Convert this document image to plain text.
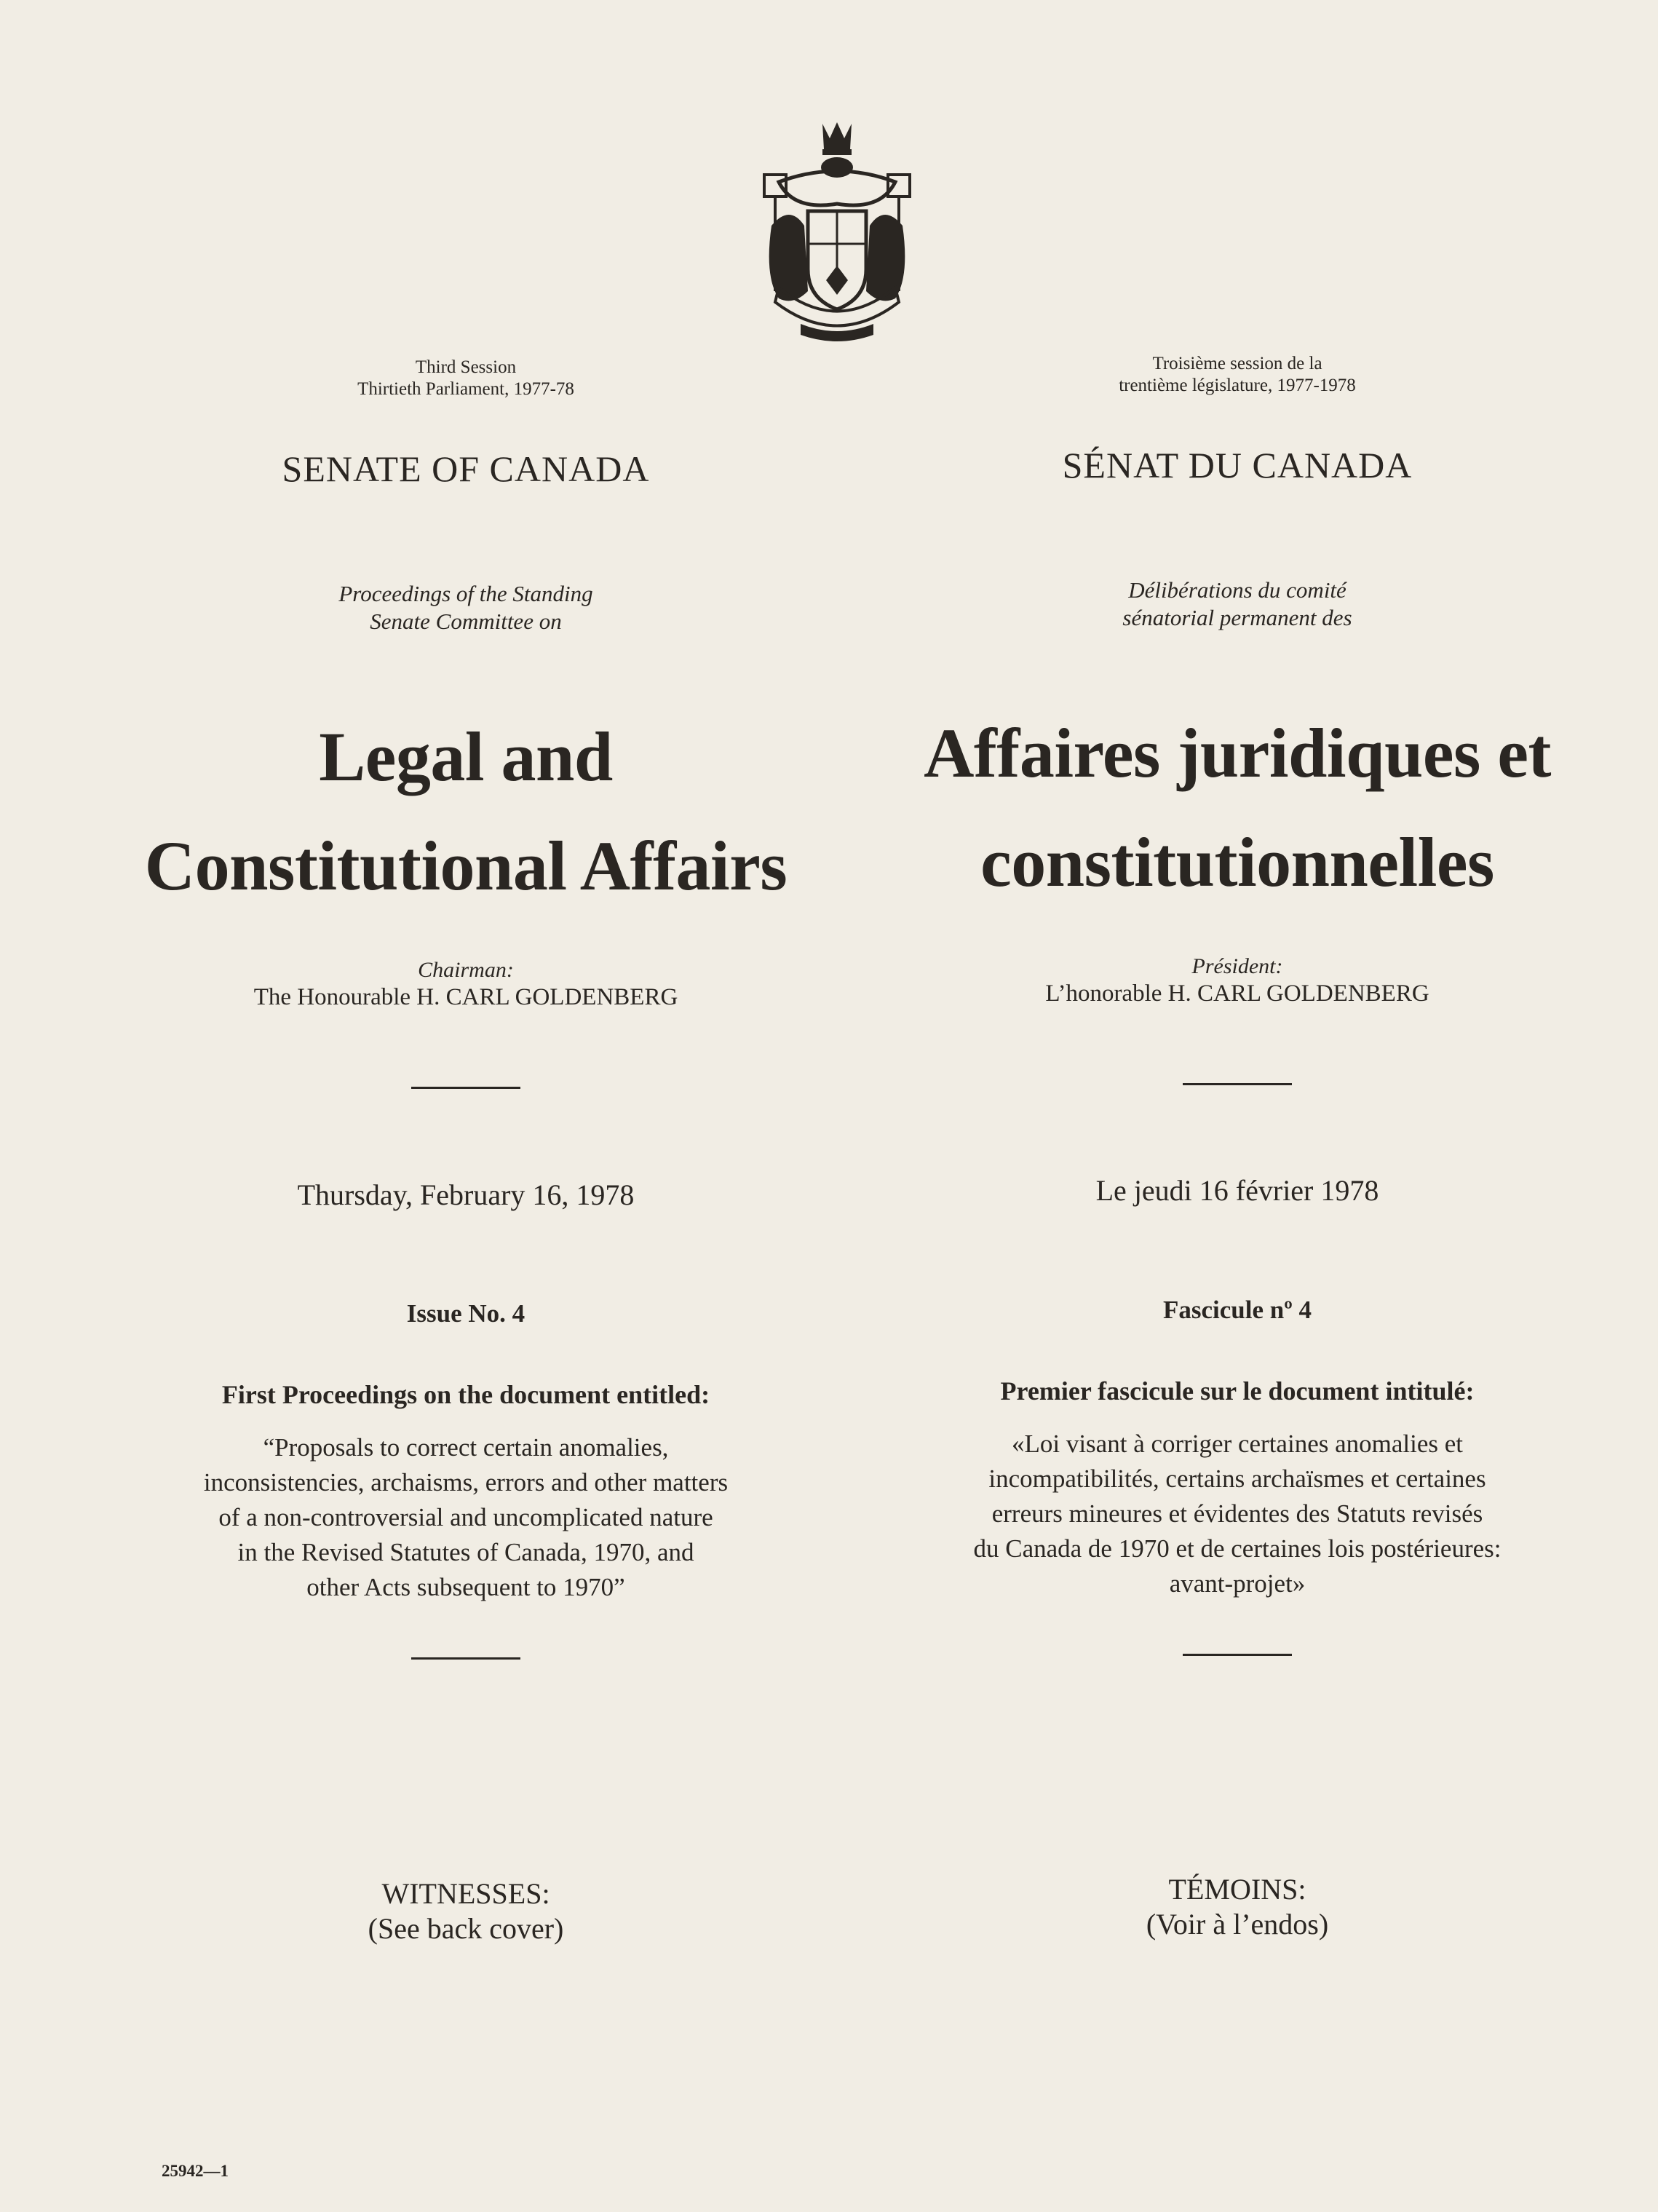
Third Session
Thirtieth Parliament, 1977-78
SENATE OF CANADA
Proceedings of the Standing
Senate Committee on
Legal and
Constitutional Affairs
Chairman:
The Honourable H. CARL GOLDENBERG
Thursday, February 16, 1978
Issue No. 4
First Proceedings on the document entitled:
“Proposals to correct certain anomalies,
inconsistencies, archaisms, errors and other matters
of a non-controversial and uncomplicated nature
in the Revised Statutes of Canada, 1970, and
other Acts subsequent to 1970”
WITNESSES:
(See back cover)
Troisième session de la
trentième législature, 1977-1978
SÉNAT DU CANADA
Délibérations du comité
sénatorial permanent des
Affaires juridiques et
constitutionnelles
Président:
L’honorable H. CARL GOLDENBERG
Le jeudi 16 février 1978
Fascicule nº 4
Premier fascicule sur le document intitulé:
«Loi visant à corriger certaines anomalies et
incompatibilités, certains archaïsmes et certaines
erreurs mineures et évidentes des Statuts revisés
du Canada de 1970 et de certaines lois postérieures:
avant-projet»
TÉMOINS:
(Voir à l’endos)
25942—1
